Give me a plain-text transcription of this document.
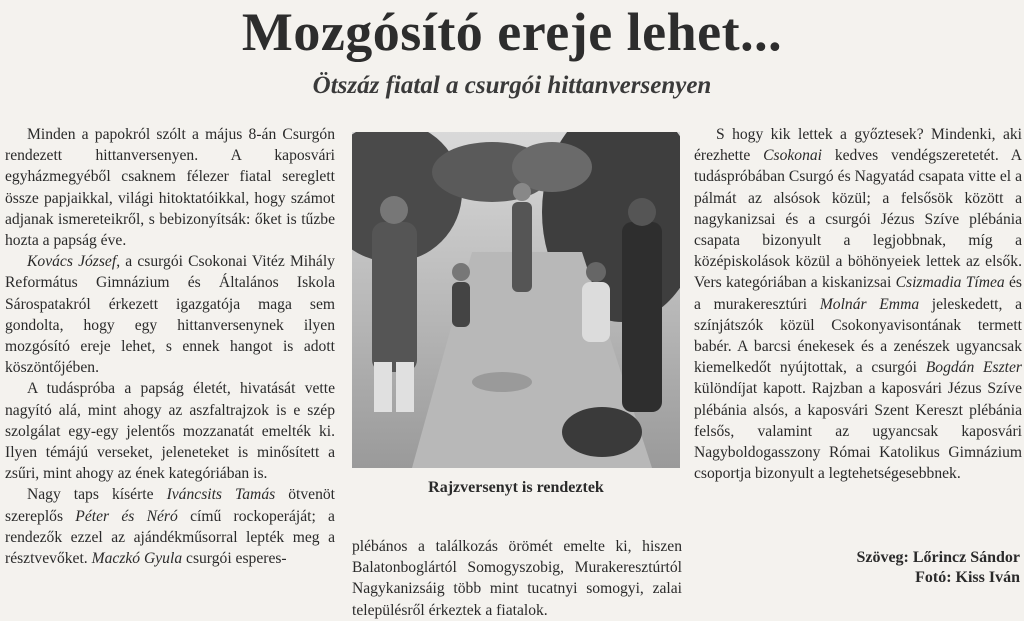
Mozgósító ereje lehet...
Ötszáz fiatal a csurgói hittanversenyen

Minden a papokról szólt a május 8-án Csurgón rendezett hittanversenyen. A kaposvári egyházmegyéből csaknem félezer fiatal sereglett össze papjaikkal, világi hitoktatóikkal, hogy számot adjanak ismereteikről, s bebizonyítsák: őket is tűzbe hozta a papság éve.

Kovács József, a csurgói Csokonai Vitéz Mihály Református Gimnázium és Általános Iskola Sárospatakról érkezett igazgatója maga sem gondolta, hogy egy hittanversenynek ilyen mozgósító ereje lehet, s ennek hangot is adott köszöntőjében.

A tudáspróba a papság életét, hivatását vette nagyító alá, mint ahogy az aszfaltrajzok is e szép szolgálat egy-egy jelentős mozzanatát emelték ki. Ilyen témájú verseket, jeleneteket is minősített a zsűri, mint ahogy az ének kategóriában is.

Nagy taps kísérte Iváncsits Tamás ötvenöt szereplős Péter és Néró című rockoperáját; a rendezők ezzel az ajándékműsorral lepték meg a résztvevőket. Maczkó Gyula csurgói esperes-

Rajzversenyt is rendeztek

plébános a találkozás örömét emelte ki, hiszen Balatonboglártól Somogyszobig, Murakeresztúrtól Nagykanizsáig több mint tucatnyi somogyi, zalai településről érkeztek a fiatalok.

S hogy kik lettek a győztesek? Mindenki, aki érezhette Csokonai kedves vendégszeretetét. A tudáspróbában Csurgó és Nagyatád csapata vitte el a pálmát az alsósok közül; a felsősök között a nagykanizsai és a csurgói Jézus Szíve plébánia csapata bizonyult a legjobbnak, míg a középiskolások közül a böhönyeiek lettek az elsők. Vers kategóriában a kiskanizsai Csizmadia Tímea és a murakeresztúri Molnár Emma jeleskedett, a színjátszók közül Csokonyavisontának termett babér. A barcsi énekesek és a zenészek ugyancsak kiemelkedőt nyújtottak, a csurgói Bogdán Eszter különdíjat kapott. Rajzban a kaposvári Jézus Szíve plébánia alsós, a kaposvári Szent Kereszt plébánia felsős, valamint az ugyancsak kaposvári Nagyboldogasszony Római Katolikus Gimnázium csoportja bizonyult a legtehetségesebbnek.

Szöveg: Lőrincz Sándor
Fotó: Kiss Iván
